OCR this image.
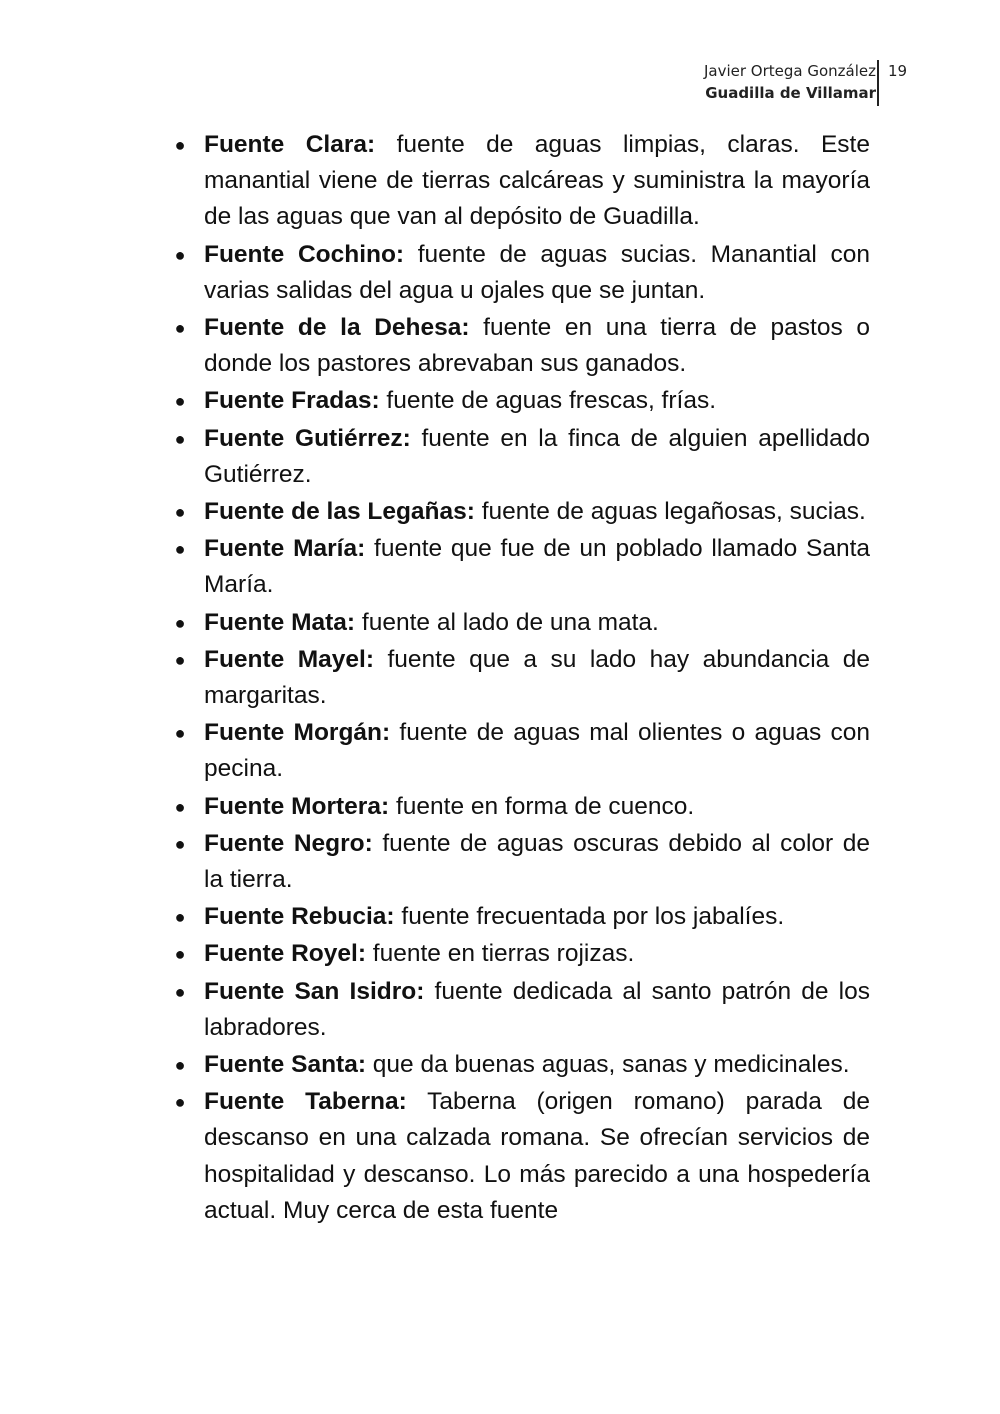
Javier Ortega González
Guadilla de Villamar
19
● Fuente Clara: fuente de aguas limpias, claras. Este manantial viene de tierras calcáreas y suministra la mayoría de las aguas que van al depósito de Guadilla.
● Fuente Cochino: fuente de aguas sucias. Manantial con varias salidas del agua u ojales que se juntan.
● Fuente de la Dehesa: fuente en una tierra de pastos o donde los pastores abrevaban sus ganados.
● Fuente Fradas: fuente de aguas frescas, frías.
● Fuente Gutiérrez: fuente en la finca de alguien apellidado Gutiérrez.
● Fuente de las Legañas: fuente de aguas legañosas, sucias.
● Fuente María: fuente que fue de un poblado llamado Santa María.
● Fuente Mata: fuente al lado de una mata.
● Fuente Mayel: fuente que a su lado hay abundancia de margaritas.
● Fuente Morgán: fuente de aguas mal olientes o aguas con pecina.
● Fuente Mortera: fuente en forma de cuenco.
● Fuente Negro: fuente de aguas oscuras debido al color de la tierra.
● Fuente Rebucia: fuente frecuentada por los jabalíes.
● Fuente Royel: fuente en tierras rojizas.
● Fuente San Isidro: fuente dedicada al santo patrón de los labradores.
● Fuente Santa: que da buenas aguas, sanas y medicinales.
● Fuente Taberna: Taberna (origen romano) parada de descanso en una calzada romana. Se ofrecían servicios de hospitalidad y descanso. Lo más parecido a una hospedería actual. Muy cerca de esta fuente
